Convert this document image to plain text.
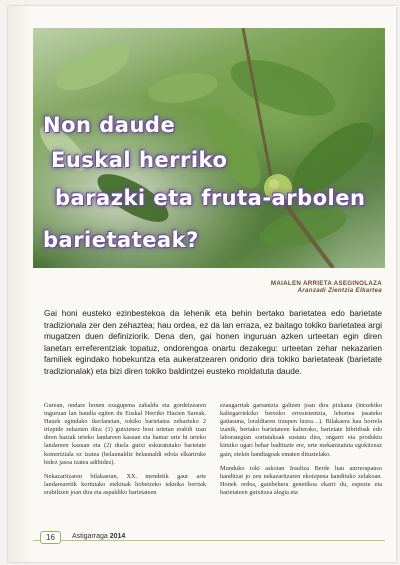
Non daude
Euskal herriko
barazki eta fruta-arbolen
barietateak?
MAIALEN ARRIETA ASEGINOLAZA
Aranzadi Zientzia Elkartea
Gai honi eusteko ezinbestekoa da lehenik eta behin bertako barietatea edo barietate tradizionala zer den zehaztea; hau ordea, ez da lan erraza, ez baitago tokiko barietatea argi mugatzen duen definiziorik. Dena den, gai honen inguruan azken urteetan egin diren lanetan erreferentziak topatuz, ondorengoa onartu dezakegu: urteetan zehar nekazarien familiek egindako hobekuntza eta aukeratzearen ondorio dira tokiko barietateak (barietate tradizionalak) eta bizi diren tokiko baldintzei eusteko moldatuta daude.

Gurean, ondare honen ezagupena zabaldu eta gordetzearen inguruan lan handia egiten du Euskal Herriko Hazien Sareak. Hauek egindako ikerlanetan, tokiko barietatea zehazteko 2 irizpide zehazten dira: (1) gutxienez bost urtetan erabili izan diren haziak urteko landareen kasuan eta hamar urte bi urteko landareen kasuan eta (2) duela gutxi eskuratutako barietate komertziala ez izatea (belaunaldiz belaunaldi edota elkartruke bidez jasoa izatea adibidez).

Nekazaritzaren bilakaeran, XX. mendetik gaur arte landarearetik kortutako etekinak hobetzeko teknika berriak erabiltzen joan dira eta aspaldiko barietateen

ezaugarriak garrantzia galtzen joan dira pixkana (intxekiko kaltegarriekiko berezko erresistentzia, lehortea jasateko gaitasuna, loraldiaren iraupen luzea…). Bilakaera hau horrela izanik, bertako barietateen kalterako, barietate hibridoak edo laborategian sortutakoak sustatu dira, ongarri eta produktu kimiko ugari behar badituzte ere, urte mekanizatuta egokitzeaz gain, etekin handiagoak ematen dituztelako.

Munduko toki askotan Iraultza Berde hau aurrerapauso handitzat jo zen nekazaritzaren ekoizpena handituko zelakoan. Honek ordea, gainbehera genetikoa ekarri du, espezie eta barietateen gutxitzea alegia eta

16	Astigarraga 2014
